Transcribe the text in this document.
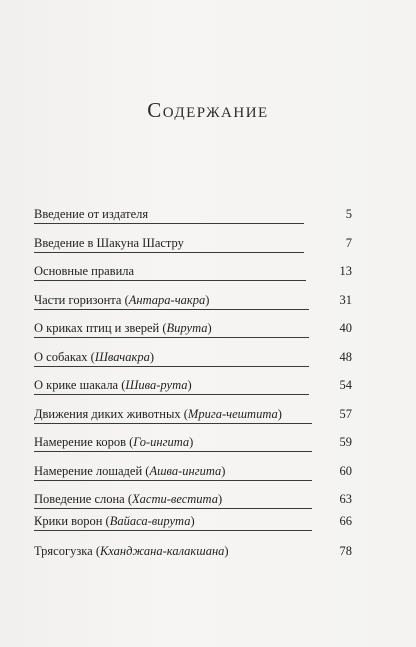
Содержание
Введение от издателя	5
Введение в Шакуна Шастру	7
Основные правила	13
Части горизонта (Антара-чакра)	31
О криках птиц и зверей (Вирута)	40
О собаках (Швачакра)	48
О крике шакала (Шива-рута)	54
Движения диких животных (Мрига-чештита)	57
Намерение коров (Го-ингита)	59
Намерение лошадей (Ашва-ингита)	60
Поведение слона (Хасти-вестита)	63
Крики ворон (Вайаса-вирута)	66
Трясогузка (Кханджана-калакшана)	78
